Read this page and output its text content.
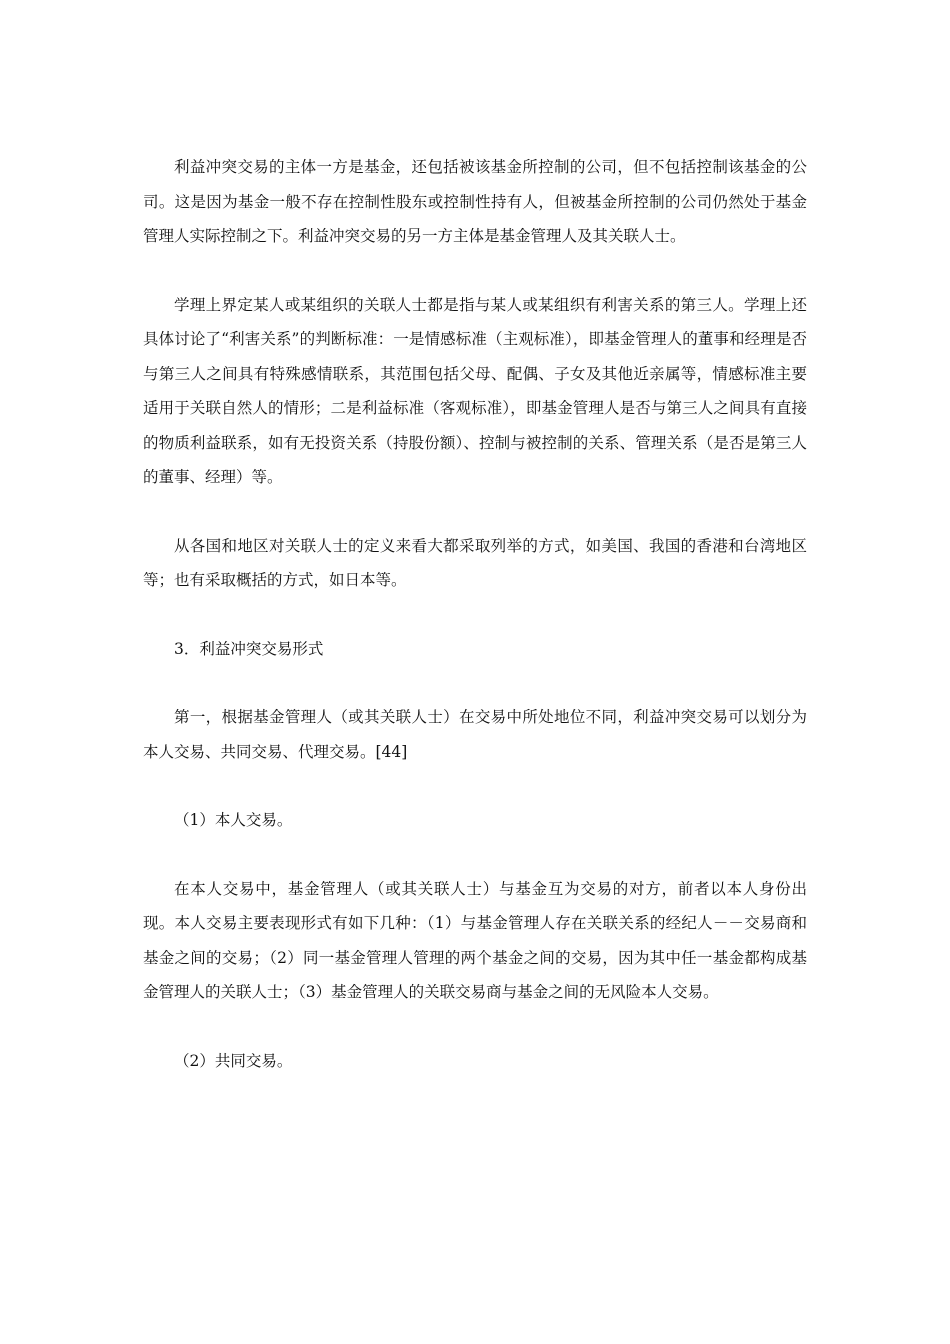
利益冲突交易的主体一方是基金，还包括被该基金所控制的公司，但不包括控制该基金的公司。这是因为基金一般不存在控制性股东或控制性持有人，但被基金所控制的公司仍然处于基金管理人实际控制之下。利益冲突交易的另一方主体是基金管理人及其关联人士。

学理上界定某人或某组织的关联人士都是指与某人或某组织有利害关系的第三人。学理上还具体讨论了“利害关系”的判断标准：一是情感标准（主观标准），即基金管理人的董事和经理是否与第三人之间具有特殊感情联系，其范围包括父母、配偶、子女及其他近亲属等，情感标准主要适用于关联自然人的情形；二是利益标准（客观标准），即基金管理人是否与第三人之间具有直接的物质利益联系，如有无投资关系（持股份额）、控制与被控制的关系、管理关系（是否是第三人的董事、经理）等。

从各国和地区对关联人士的定义来看大都采取列举的方式，如美国、我国的香港和台湾地区等；也有采取概括的方式，如日本等。

3．利益冲突交易形式

第一，根据基金管理人（或其关联人士）在交易中所处地位不同，利益冲突交易可以划分为本人交易、共同交易、代理交易。[44]

（1）本人交易。

在本人交易中，基金管理人（或其关联人士）与基金互为交易的对方，前者以本人身份出现。本人交易主要表现形式有如下几种：（1）与基金管理人存在关联关系的经纪人－－交易商和基金之间的交易；（2）同一基金管理人管理的两个基金之间的交易，因为其中任一基金都构成基金管理人的关联人士；（3）基金管理人的关联交易商与基金之间的无风险本人交易。

（2）共同交易。
